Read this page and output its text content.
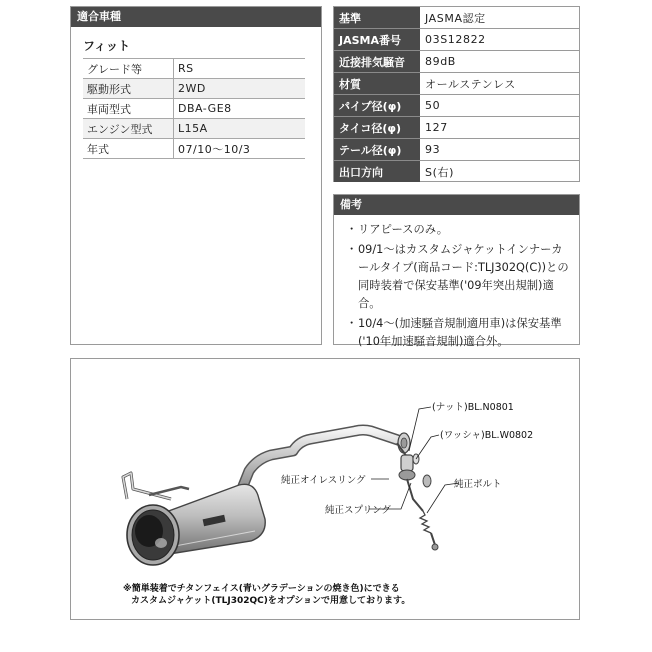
適合車種
フィット
グレード等	RS
駆動形式	2WD
車両型式	DBA-GE8
エンジン型式	L15A
年式	07/10〜10/3
基準	JASMA認定
JASMA番号	03S12822
近接排気騒音	89dB
材質	オールステンレス
パイプ径(φ)	50
タイコ径(φ)	127
テール径(φ)	93
出口方向	S(右)
備考
・ リアピースのみ。
・ 09/1〜はカスタムジャケットインナーカールタイプ(商品コード:TLJ302Q(C))との同時装着で保安基準('09年突出規制)適合。
・ 10/4〜(加速騒音規制適用車)は保安基準('10年加速騒音規制)適合外。
(ナット)BL.N0801
(ワッシャ)BL.W0802
純正オイレスリング	純正ボルト
純正スプリング
※簡単装着でチタンフェイス(青いグラデーションの焼き色)にできる
カスタムジャケット(TLJ302QC)をオプションで用意しております。
